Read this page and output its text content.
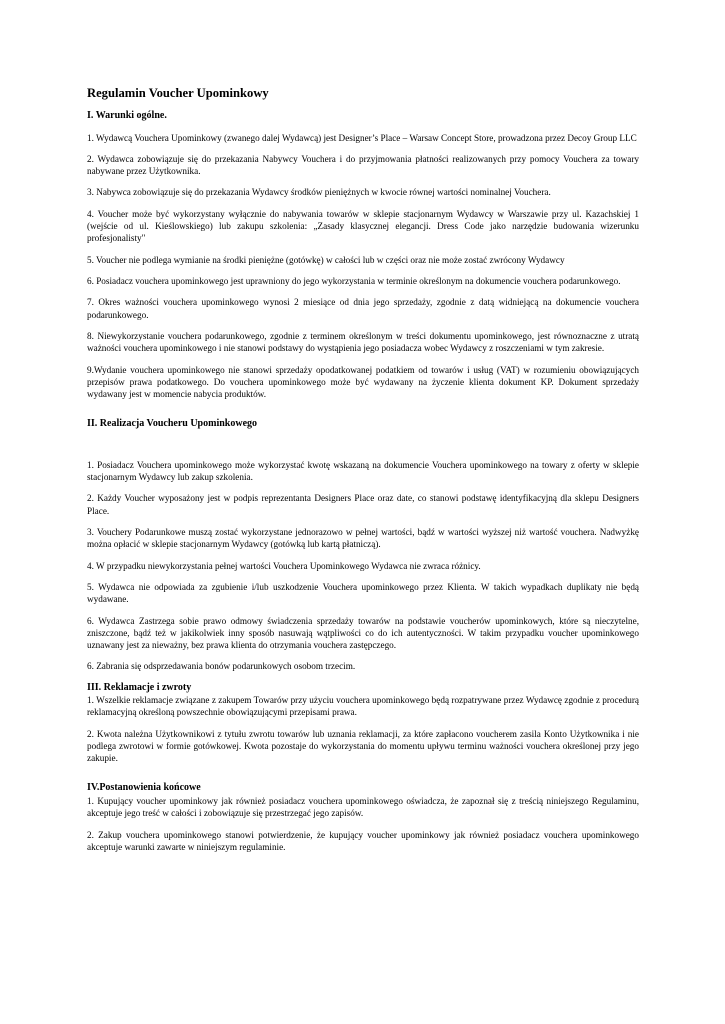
Regulamin Voucher Upominkowy
I. Warunki ogólne.

1. Wydawcą Vouchera Upominkowy (zwanego dalej Wydawcą) jest Designer’s Place – Warsaw Concept Store, prowadzona przez Decoy Group LLC

2. Wydawca zobowiązuje się do przekazania Nabywcy Vouchera i do przyjmowania płatności realizowanych przy pomocy Vouchera za towary nabywane przez Użytkownika.

3. Nabywca zobowiązuje się do przekazania Wydawcy środków pieniężnych w kwocie równej wartości nominalnej Vouchera.

4. Voucher może być wykorzystany wyłącznie do nabywania towarów w sklepie stacjonarnym Wydawcy w Warszawie przy ul. Kazachskiej 1 (wejście od ul. Kieślowskiego) lub zakupu szkolenia: „Zasady klasycznej elegancji. Dress Code jako narzędzie budowania wizerunku profesjonalisty"

5. Voucher nie podlega wymianie na środki pieniężne (gotówkę) w całości lub w części oraz nie może zostać zwrócony Wydawcy

6. Posiadacz vouchera upominkowego jest uprawniony do jego wykorzystania w terminie określonym na dokumencie vouchera podarunkowego.

7. Okres ważności vouchera upominkowego wynosi 2 miesiące od dnia jego sprzedaży, zgodnie z datą widniejącą na dokumencie vouchera podarunkowego.

8. Niewykorzystanie vouchera podarunkowego, zgodnie z terminem określonym w treści dokumentu upominkowego, jest równoznaczne z utratą ważności vouchera upominkowego i nie stanowi podstawy do wystąpienia jego posiadacza wobec Wydawcy z roszczeniami w tym zakresie.

9.Wydanie vouchera upominkowego nie stanowi sprzedaży opodatkowanej podatkiem od towarów i usług (VAT) w rozumieniu obowiązujących przepisów prawa podatkowego. Do vouchera upominkowego może być wydawany na życzenie klienta dokument KP. Dokument sprzedaży wydawany jest w momencie nabycia produktów.

II. Realizacja Voucheru Upominkowego

1. Posiadacz Vouchera upominkowego może wykorzystać kwotę wskazaną na dokumencie Vouchera upominkowego na towary z oferty w sklepie stacjonarnym Wydawcy lub zakup szkolenia.

2. Każdy Voucher wyposażony jest w podpis reprezentanta Designers Place oraz date, co stanowi podstawę identyfikacyjną dla sklepu Designers Place.

3. Vouchery Podarunkowe muszą zostać wykorzystane jednorazowo w pełnej wartości, bądź w wartości wyższej niż wartość vouchera. Nadwyżkę można opłacić w sklepie stacjonarnym Wydawcy (gotówką lub kartą płatniczą).

4. W przypadku niewykorzystania pełnej wartości Vouchera Upominkowego Wydawca nie zwraca różnicy.

5. Wydawca nie odpowiada za zgubienie i/lub uszkodzenie Vouchera upominkowego przez Klienta. W takich wypadkach duplikaty nie będą wydawane.

6. Wydawca Zastrzega sobie prawo odmowy świadczenia sprzedaży towarów na podstawie voucherów upominkowych, które są nieczytelne, zniszczone, bądź też w jakikolwiek inny sposób nasuwają wątpliwości co do ich autentyczności. W takim przypadku voucher upominkowego uznawany jest za nieważny, bez prawa klienta do otrzymania vouchera zastępczego.

6. Zabrania się odsprzedawania bonów podarunkowych osobom trzecim.

III. Reklamacje i zwroty

1. Wszelkie reklamacje związane z zakupem Towarów przy użyciu vouchera upominkowego będą rozpatrywane przez Wydawcę zgodnie z procedurą reklamacyjną określoną powszechnie obowiązującymi przepisami prawa.

2. Kwota należna Użytkownikowi z tytułu zwrotu towarów lub uznania reklamacji, za które zapłacono voucherem zasila Konto Użytkownika i nie podlega zwrotowi w formie gotówkowej. Kwota pozostaje do wykorzystania do momentu upływu terminu ważności vouchera określonej przy jego zakupie.

IV.Postanowienia końcowe

1. Kupujący voucher upominkowy jak również posiadacz vouchera upominkowego oświadcza, że zapoznał się z treścią niniejszego Regulaminu, akceptuje jego treść w całości i zobowiązuje się przestrzegać jego zapisów.

2. Zakup vouchera upominkowego stanowi potwierdzenie, że kupujący voucher upominkowy jak również posiadacz vouchera upominkowego akceptuje warunki zawarte w niniejszym regulaminie.
